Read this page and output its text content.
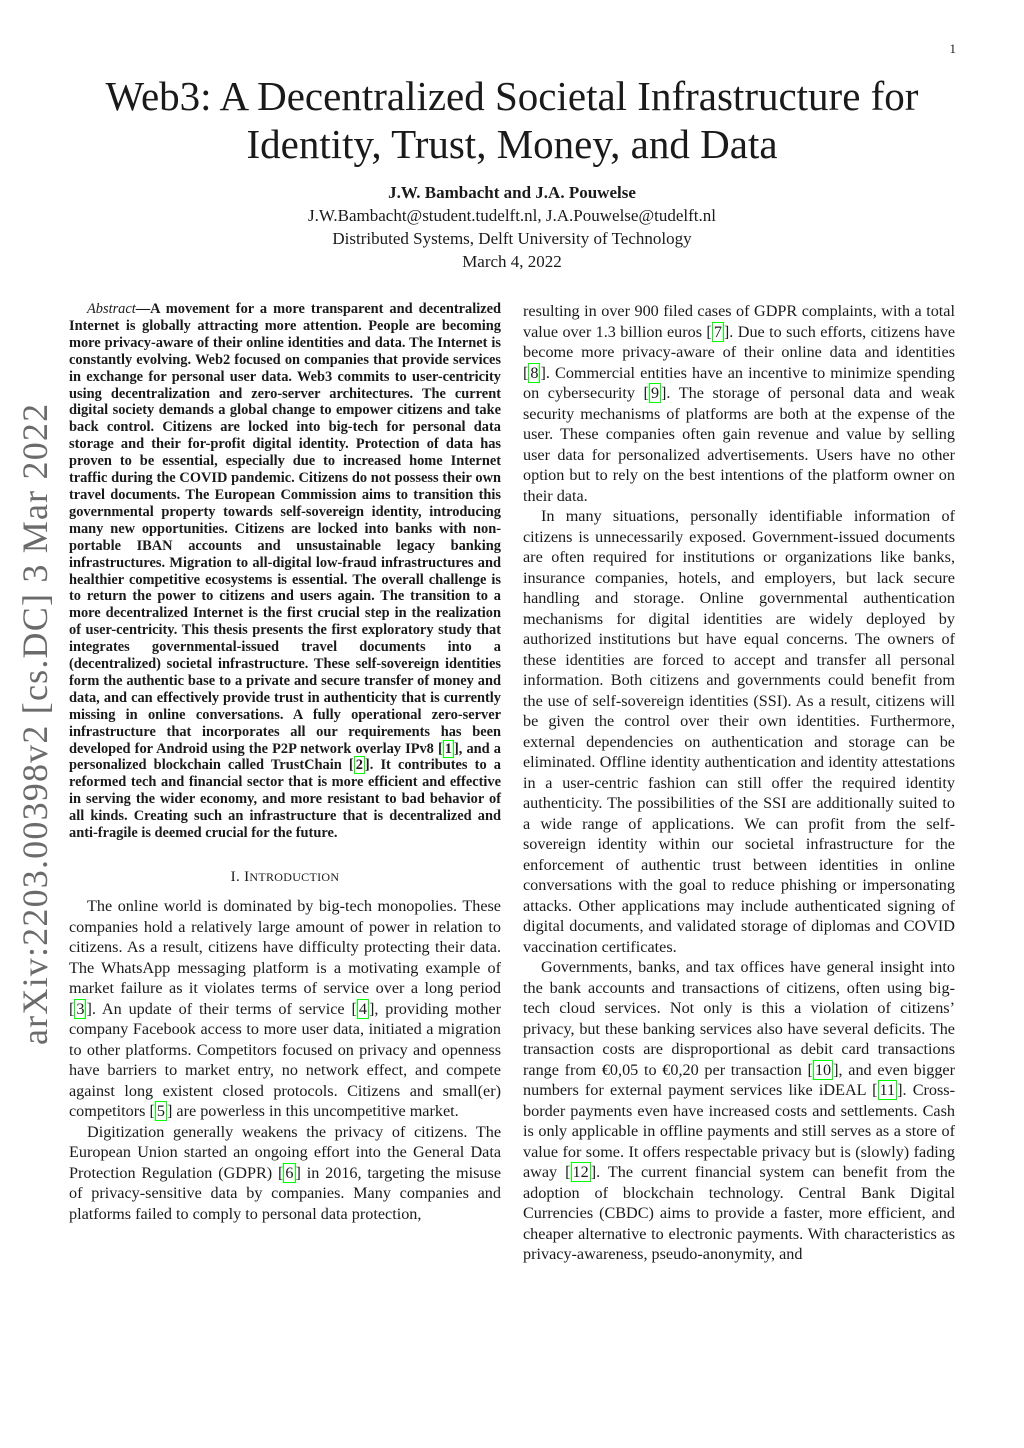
1
arXiv:2203.00398v2 [cs.DC] 3 Mar 2022
Web3: A Decentralized Societal Infrastructure for
Identity, Trust, Money, and Data
J.W. Bambacht and J.A. Pouwelse
J.W.Bambacht@student.tudelft.nl, J.A.Pouwelse@tudelft.nl
Distributed Systems, Delft University of Technology
March 4, 2022

Abstract—A movement for a more transparent and decentralized Internet is globally attracting more attention. People are becoming more privacy-aware of their online identities and data. The Internet is constantly evolving. Web2 focused on companies that provide services in exchange for personal user data. Web3 commits to user-centricity using decentralization and zero-server architectures. The current digital society demands a global change to empower citizens and take back control. Citizens are locked into big-tech for personal data storage and their for-profit digital identity. Protection of data has proven to be essential, especially due to increased home Internet traffic during the COVID pandemic. Citizens do not possess their own travel documents. The European Commission aims to transition this governmental property towards self-sovereign identity, introducing many new opportunities. Citizens are locked into banks with non-portable IBAN accounts and unsustainable legacy banking infrastructures. Migration to all-digital low-fraud infrastructures and healthier competitive ecosystems is essential. The overall challenge is to return the power to citizens and users again. The transition to a more decentralized Internet is the first crucial step in the realization of user-centricity. This thesis presents the first exploratory study that integrates governmental-issued travel documents into a (decentralized) societal infrastructure. These self-sovereign identities form the authentic base to a private and secure transfer of money and data, and can effectively provide trust in authenticity that is currently missing in online conversations. A fully operational zero-server infrastructure that incorporates all our requirements has been developed for Android using the P2P network overlay IPv8 [ 1 ], and a personalized blockchain called TrustChain [ 2 ]. It contributes to a reformed tech and financial sector that is more efficient and effective in serving the wider economy, and more resistant to bad behavior of all kinds. Creating such an infrastructure that is decentralized and anti-fragile is deemed crucial for the future.

I. INTRODUCTION

The online world is dominated by big-tech monopolies. These companies hold a relatively large amount of power in relation to citizens. As a result, citizens have difficulty protecting their data. The WhatsApp messaging platform is a motivating example of market failure as it violates terms of service over a long period [ 3 ]. An update of their terms of service [ 4 ], providing mother company Facebook access to more user data, initiated a migration to other platforms. Competitors focused on privacy and openness have barriers to market entry, no network effect, and compete against long existent closed protocols. Citizens and small(er) competitors [ 5 ] are powerless in this uncompetitive market.

Digitization generally weakens the privacy of citizens. The European Union started an ongoing effort into the General Data Protection Regulation (GDPR) [ 6 ] in 2016, targeting the misuse of privacy-sensitive data by companies. Many companies and platforms failed to comply to personal data protection,

resulting in over 900 filed cases of GDPR complaints, with a total value over 1.3 billion euros [ 7 ]. Due to such efforts, citizens have become more privacy-aware of their online data and identities [ 8 ]. Commercial entities have an incentive to minimize spending on cybersecurity [ 9 ]. The storage of personal data and weak security mechanisms of platforms are both at the expense of the user. These companies often gain revenue and value by selling user data for personalized advertisements. Users have no other option but to rely on the best intentions of the platform owner on their data.

In many situations, personally identifiable information of citizens is unnecessarily exposed. Government-issued documents are often required for institutions or organizations like banks, insurance companies, hotels, and employers, but lack secure handling and storage. Online governmental authentication mechanisms for digital identities are widely deployed by authorized institutions but have equal concerns. The owners of these identities are forced to accept and transfer all personal information. Both citizens and governments could benefit from the use of self-sovereign identities (SSI). As a result, citizens will be given the control over their own identities. Furthermore, external dependencies on authentication and storage can be eliminated. Offline identity authentication and identity attestations in a user-centric fashion can still offer the required identity authenticity. The possibilities of the SSI are additionally suited to a wide range of applications. We can profit from the self-sovereign identity within our societal infrastructure for the enforcement of authentic trust between identities in online conversations with the goal to reduce phishing or impersonating attacks. Other applications may include authenticated signing of digital documents, and validated storage of diplomas and COVID vaccination certificates.

Governments, banks, and tax offices have general insight into the bank accounts and transactions of citizens, often using big-tech cloud services. Not only is this a violation of citizens’ privacy, but these banking services also have several deficits. The transaction costs are disproportional as debit card transactions range from €0,05 to €0,20 per transaction [ 10 ], and even bigger numbers for external payment services like iDEAL [ 11 ]. Cross-border payments even have increased costs and settlements. Cash is only applicable in offline payments and still serves as a store of value for some. It offers respectable privacy but is (slowly) fading away [ 12 ]. The current financial system can benefit from the adoption of blockchain technology. Central Bank Digital Currencies (CBDC) aims to provide a faster, more efficient, and cheaper alternative to electronic payments. With characteristics as privacy-awareness, pseudo-anonymity, and
